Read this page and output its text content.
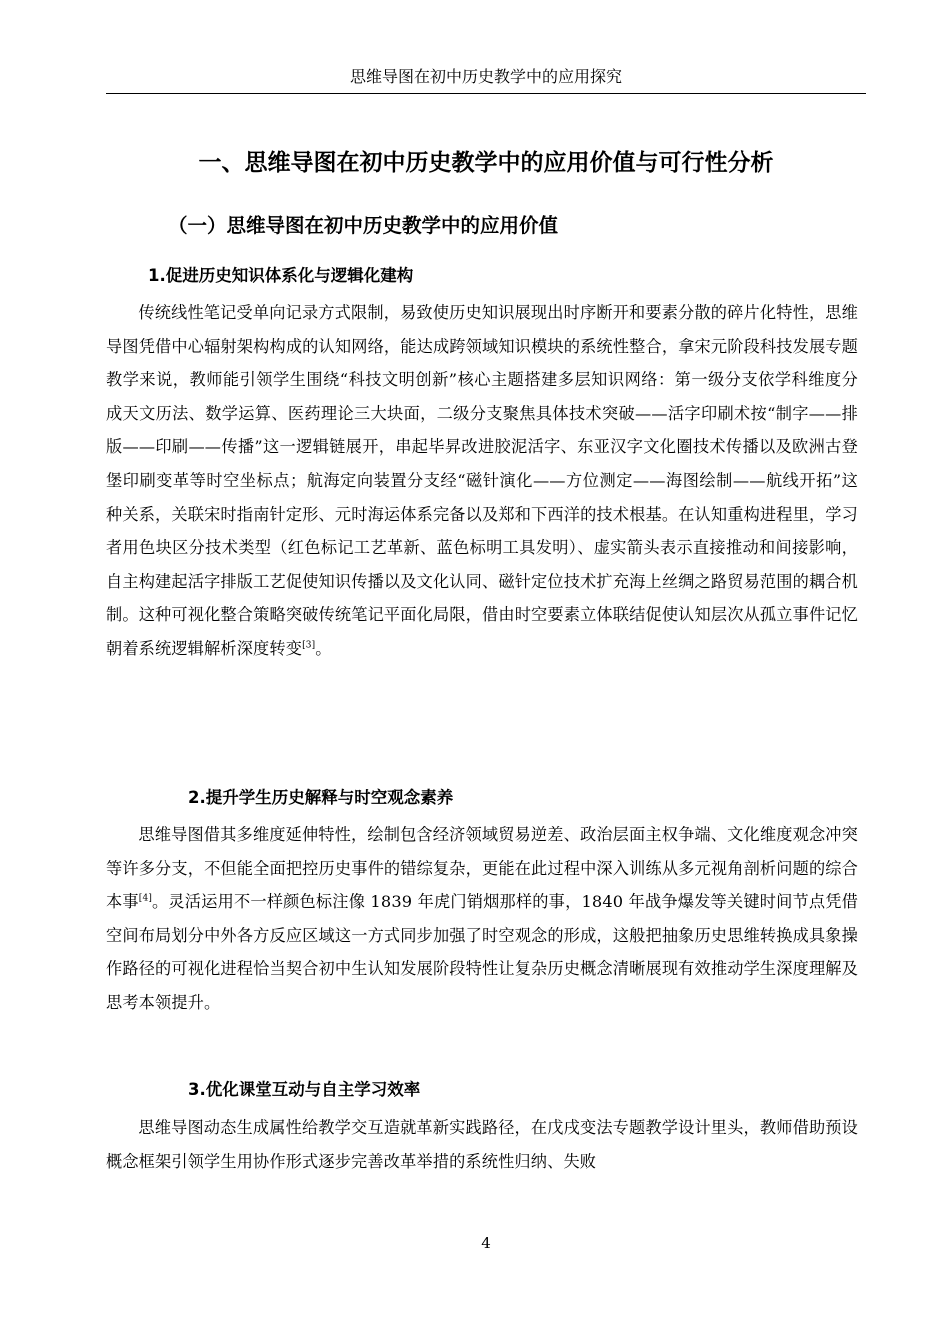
思维导图在初中历史教学中的应用探究
一、思维导图在初中历史教学中的应用价值与可行性分析
（一）思维导图在初中历史教学中的应用价值
1.促进历史知识体系化与逻辑化建构

传统线性笔记受单向记录方式限制，易致使历史知识展现出时序断开和要素分散的碎片化特性，思维导图凭借中心辐射架构构成的认知网络，能达成跨领域知识模块的系统性整合，拿宋元阶段科技发展专题教学来说，教师能引领学生围绕“科技文明创新”核心主题搭建多层知识网络：第一级分支依学科维度分成天文历法、数学运算、医药理论三大块面，二级分支聚焦具体技术突破——活字印刷术按“制字——排版——印刷——传播”这一逻辑链展开，串起毕昇改进胶泥活字、东亚汉字文化圈技术传播以及欧洲古登堡印刷变革等时空坐标点；航海定向装置分支经“磁针演化——方位测定——海图绘制——航线开拓”这种关系，关联宋时指南针定形、元时海运体系完备以及郑和下西洋的技术根基。在认知重构进程里，学习者用色块区分技术类型（红色标记工艺革新、蓝色标明工具发明）、虚实箭头表示直接推动和间接影响，自主构建起活字排版工艺促使知识传播以及文化认同、磁针定位技术扩充海上丝绸之路贸易范围的耦合机制。这种可视化整合策略突破传统笔记平面化局限，借由时空要素立体联结促使认知层次从孤立事件记忆朝着系统逻辑解析深度转变[3]。

2.提升学生历史解释与时空观念素养

思维导图借其多维度延伸特性，绘制包含经济领域贸易逆差、政治层面主权争端、文化维度观念冲突等许多分支，不但能全面把控历史事件的错综复杂，更能在此过程中深入训练从多元视角剖析问题的综合本事[4]。灵活运用不一样颜色标注像 1839 年虎门销烟那样的事，1840 年战争爆发等关键时间节点凭借空间布局划分中外各方反应区域这一方式同步加强了时空观念的形成，这般把抽象历史思维转换成具象操作路径的可视化进程恰当契合初中生认知发展阶段特性让复杂历史概念清晰展现有效推动学生深度理解及思考本领提升。

3.优化课堂互动与自主学习效率

思维导图动态生成属性给教学交互造就革新实践路径，在戊戌变法专题教学设计里头，教师借助预设概念框架引领学生用协作形式逐步完善改革举措的系统性归纳、失败

4
